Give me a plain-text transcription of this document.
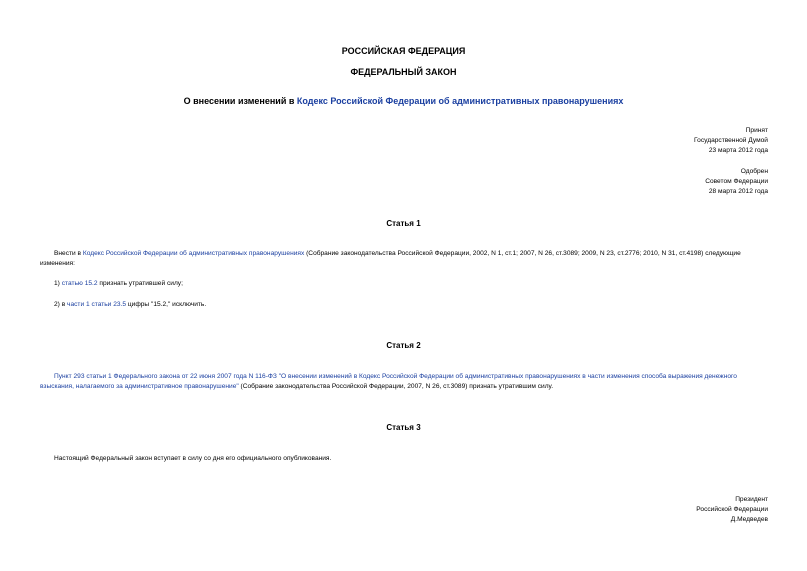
РОССИЙСКАЯ ФЕДЕРАЦИЯ
ФЕДЕРАЛЬНЫЙ ЗАКОН
О внесении изменений в Кодекс Российской Федерации об административных правонарушениях
Принят
Государственной Думой
23 марта 2012 года
Одобрен
Советом Федерации
28 марта 2012 года
Статья 1
Внести в Кодекс Российской Федерации об административных правонарушениях (Собрание законодательства Российской Федерации, 2002, N 1, ст.1; 2007, N 26, ст.3089; 2009, N 23, ст.2776; 2010, N 31, ст.4198) следующие изменения:
1) статью 15.2 признать утратившей силу;
2) в части 1 статьи 23.5 цифры "15.2," исключить.
Статья 2
Пункт 293 статьи 1 Федерального закона от 22 июня 2007 года N 116-ФЗ "О внесении изменений в Кодекс Российской Федерации об административных правонарушениях в части изменения способа выражения денежного взыскания, налагаемого за административное правонарушение" (Собрание законодательства Российской Федерации, 2007, N 26, ст.3089) признать утратившим силу.
Статья 3
Настоящий Федеральный закон вступает в силу со дня его официального опубликования.
Президент
Российской Федерации
Д.Медведев
